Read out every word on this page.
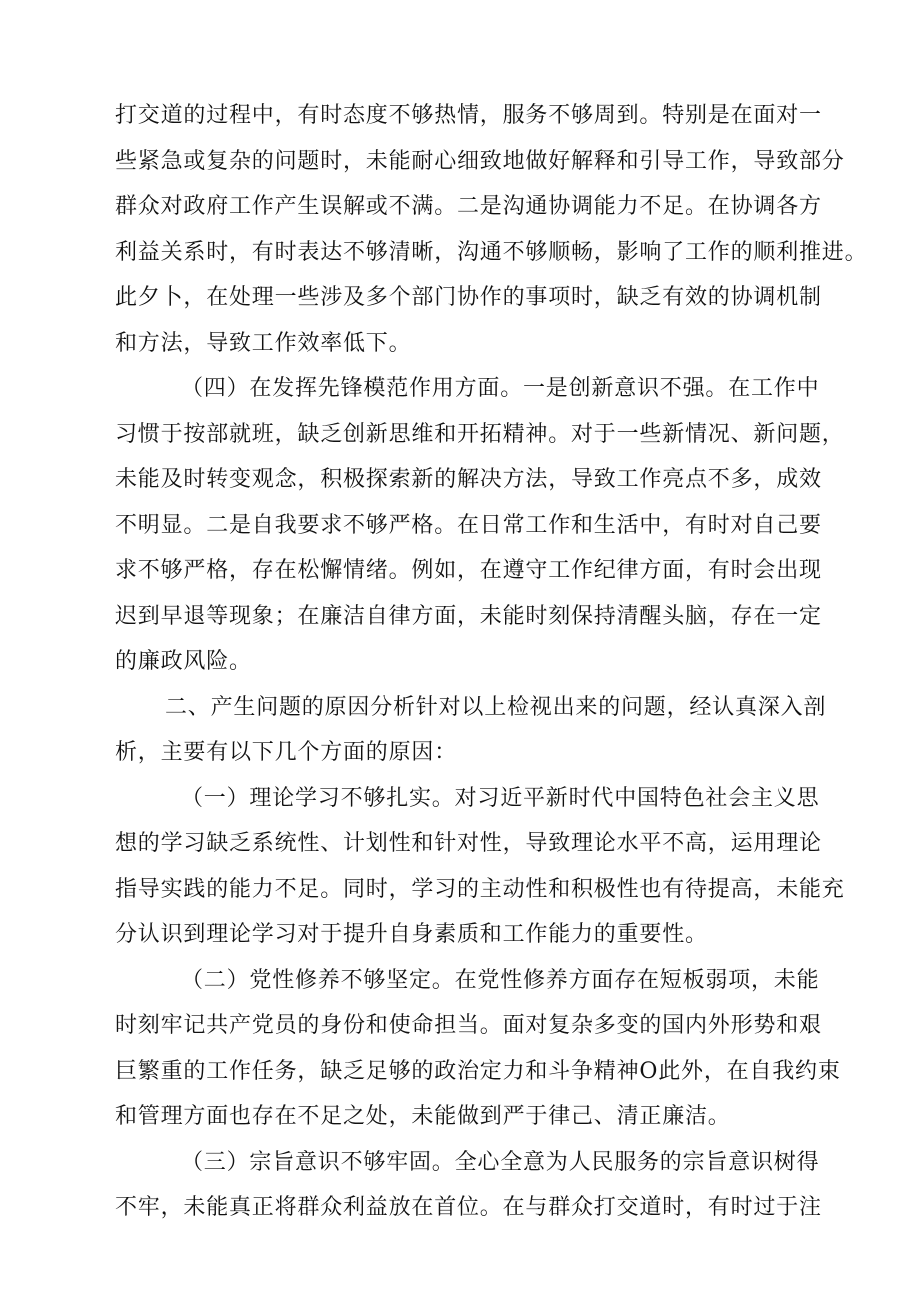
打交道的过程中，有时态度不够热情，服务不够周到。特别是在面对一
些紧急或复杂的问题时，未能耐心细致地做好解释和引导工作，导致部分
群众对政府工作产生误解或不满。二是沟通协调能力不足。在协调各方
利益关系时，有时表达不够清晰，沟通不够顺畅，影响了工作的顺利推进。
此夕卜，在处理一些涉及多个部门协作的事项时，缺乏有效的协调机制
和方法，导致工作效率低下。
（四）在发挥先锋模范作用方面。一是创新意识不强。在工作中
习惯于按部就班，缺乏创新思维和开拓精神。对于一些新情况、新问题，
未能及时转变观念，积极探索新的解决方法，导致工作亮点不多，成效
不明显。二是自我要求不够严格。在日常工作和生活中，有时对自己要
求不够严格，存在松懈情绪。例如，在遵守工作纪律方面，有时会出现
迟到早退等现象；在廉洁自律方面，未能时刻保持清醒头脑，存在一定
的廉政风险。
二、产生问题的原因分析针对以上检视出来的问题，经认真深入剖
析，主要有以下几个方面的原因：
（一）理论学习不够扎实。对习近平新时代中国特色社会主义思
想的学习缺乏系统性、计划性和针对性，导致理论水平不高，运用理论
指导实践的能力不足。同时，学习的主动性和积极性也有待提高，未能充
分认识到理论学习对于提升自身素质和工作能力的重要性。
（二）党性修养不够坚定。在党性修养方面存在短板弱项，未能
时刻牢记共产党员的身份和使命担当。面对复杂多变的国内外形势和艰
巨繁重的工作任务，缺乏足够的政治定力和斗争精神O此外，在自我约束
和管理方面也存在不足之处，未能做到严于律己、清正廉洁。
（三）宗旨意识不够牢固。全心全意为人民服务的宗旨意识树得
不牢，未能真正将群众利益放在首位。在与群众打交道时，有时过于注
